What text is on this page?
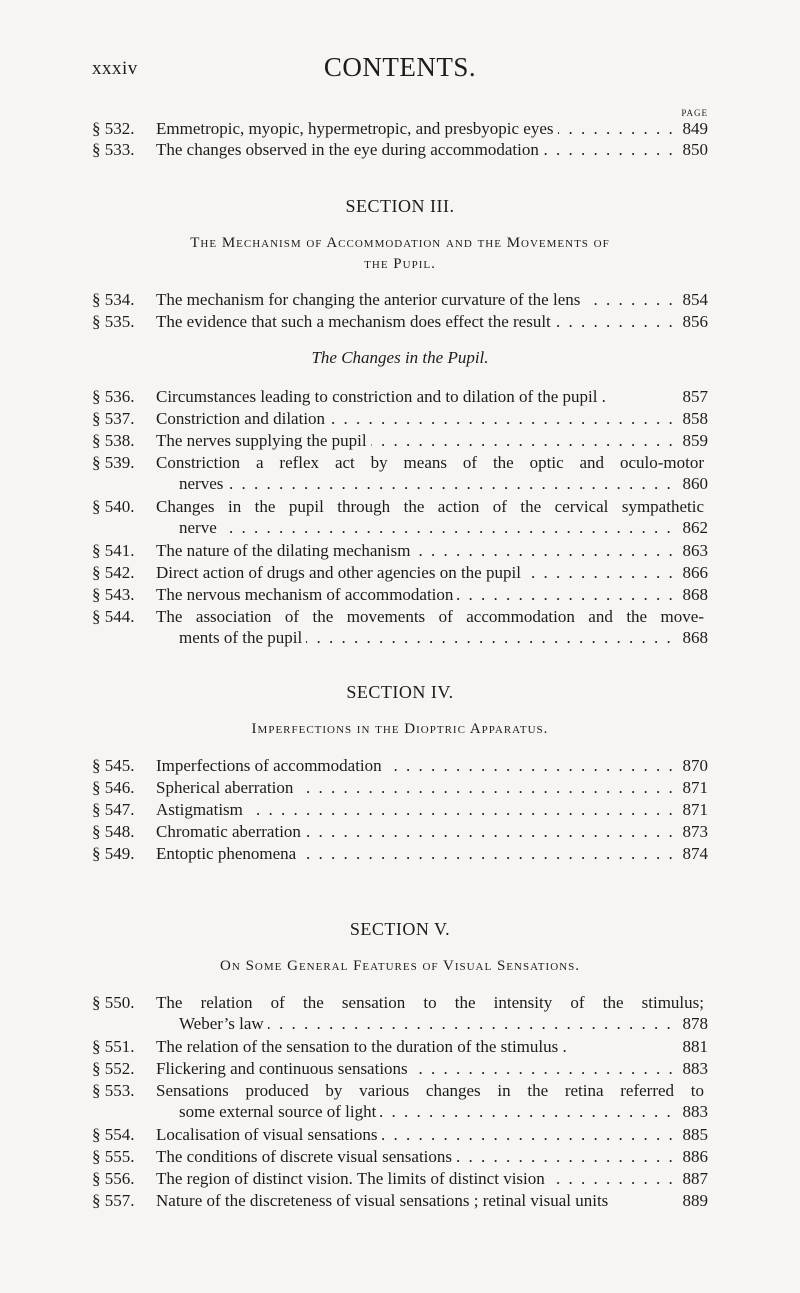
xxxiv	CONTENTS.
PAGE
§ 532. Emmetropic, myopic, hypermetropic, and presbyopic eyes	849
. . .
§ 533. The changes observed in the eye during accommodation	850
. . .
SECTION III.
The Mechanism of Accommodation and the Movements of
the Pupil.
§ 534. The mechanism for changing the anterior curvature of the lens	854
. . .
§ 535. The evidence that such a mechanism does effect the result	856
. . .
The Changes in the Pupil.
§ 536. Circumstances leading to constriction and to dilation of the pupil .	857
§ 537. Constriction and dilation	858
. . .
§ 538. The nerves supplying the pupil	859
. . .
§ 539. Constriction a reflex act by means of the optic and oculo-motor
nerves	860
. . .
§ 540. Changes in the pupil through the action of the cervical sympathetic
nerve	862
. . .
§ 541. The nature of the dilating mechanism	863
. . .
§ 542. Direct action of drugs and other agencies on the pupil	866
. . .
§ 543. The nervous mechanism of accommodation	868
. . .
§ 544. The association of the movements of accommodation and the move-
ments of the pupil	868
. . .
SECTION IV.
Imperfections in the Dioptric Apparatus.
§ 545. Imperfections of accommodation	870
. . .
§ 546. Spherical aberration	871
. . .
§ 547. Astigmatism	871
. . .
§ 548. Chromatic aberration	873
. . .
§ 549. Entoptic phenomena	874
. . .
SECTION V.
On Some General Features of Visual Sensations.
§ 550. The relation of the sensation to the intensity of the stimulus;
Weber’s law	878
. . .
§ 551. The relation of the sensation to the duration of the stimulus .	881
§ 552. Flickering and continuous sensations	883
. . .
§ 553. Sensations produced by various changes in the retina referred to
some external source of light	883
. . .
§ 554. Localisation of visual sensations	885
. . .
§ 555. The conditions of discrete visual sensations	886
. . .
§ 556. The region of distinct vision. The limits of distinct vision	887
. . .
§ 557. Nature of the discreteness of visual sensations ; retinal visual units	889
